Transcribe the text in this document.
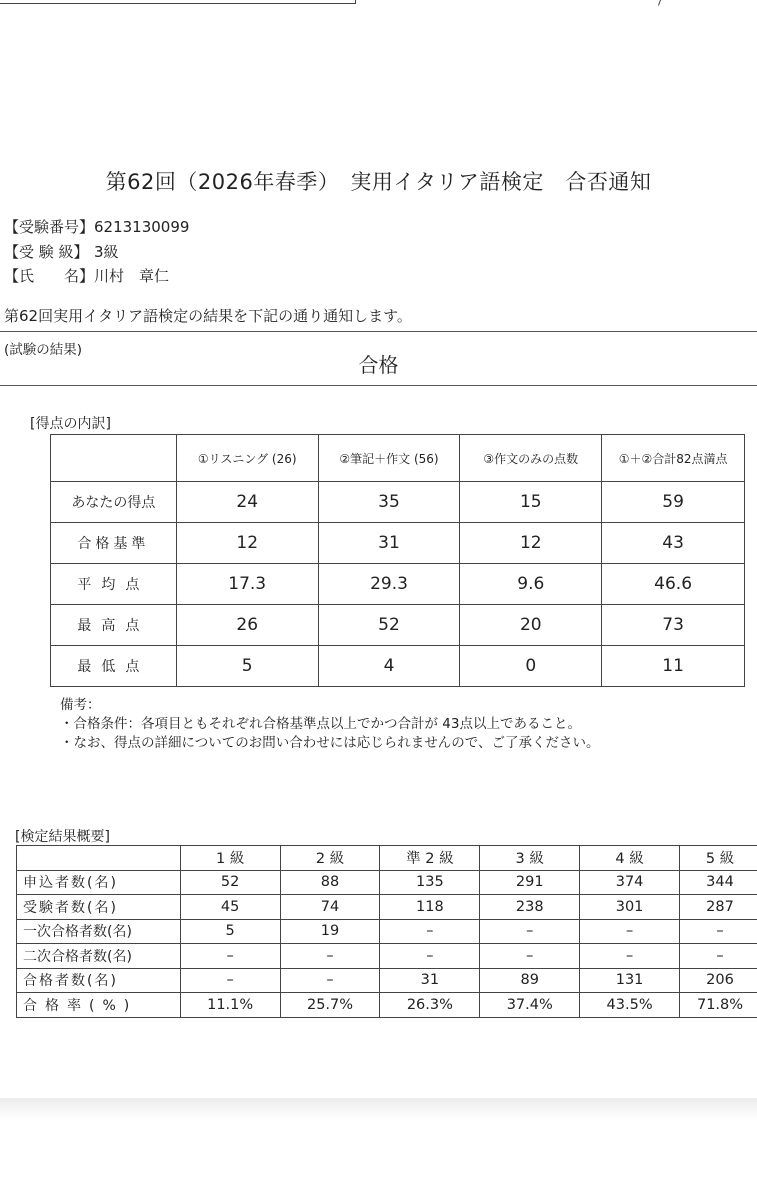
第62回（2026年春季）　実用イタリア語検定　合否通知
【受験番号】6213130099
【受 験 級】 3級
【氏　　名】川村　章仁
第62回実用イタリア語検定の結果を下記の通り通知します。
(試験の結果)
合格
[得点の内訳]
	①リスニング (26)	②筆記＋作文 (56)	③作文のみの点数	①＋②合計82点満点
あなたの得点	24	35	15	59
合格基準	12	31	12	43
平均点	17.3	29.3	9.6	46.6
最高点	26	52	20	73
最低点	5	4	0	11
備考：
・合格条件：各項目ともそれぞれ合格基準点以上でかつ合計が 43点以上であること。
・なお、得点の詳細についてのお問い合わせには応じられませんので、ご了承ください。
[検定結果概要]
	1 級	2 級	準 2 級	3 級	4 級	5 級
申込者数(名)	52	88	135	291	374	344
受験者数(名)	45	74	118	238	301	287
一次合格者数(名)	5	19	–	–	–	–
二次合格者数(名)	–	–	–	–	–	–
合格者数(名)	–	–	31	89	131	206
合格率(%)	11.1%	25.7%	26.3%	37.4%	43.5%	71.8%
